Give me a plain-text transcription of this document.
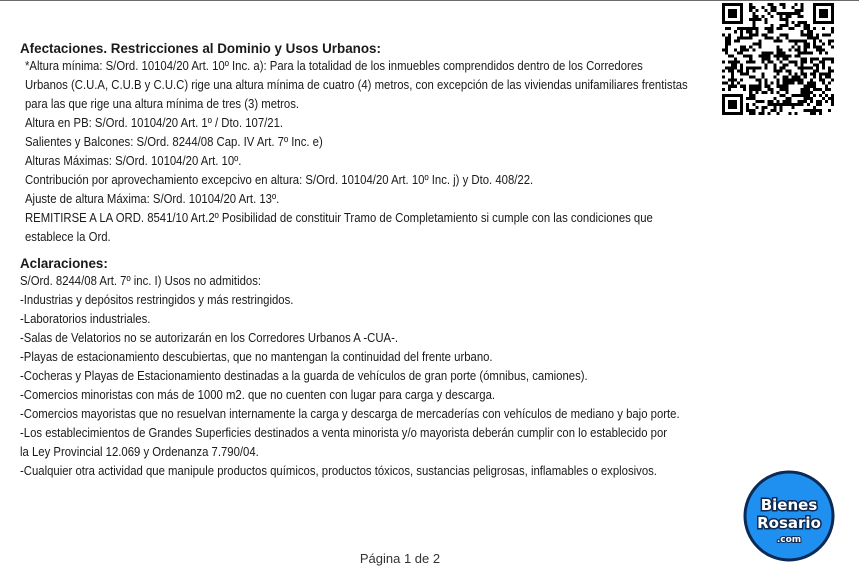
Afectaciones. Restricciones al Dominio y Usos Urbanos:
*Altura mínima: S/Ord. 10104/20 Art. 10º Inc. a): Para la totalidad de los inmuebles comprendidos dentro de los Corredores
Urbanos (C.U.A, C.U.B y C.U.C) rige una altura mínima de cuatro (4) metros, con excepción de las viviendas unifamiliares frentistas
para las que rige una altura mínima de tres (3) metros.
Altura en PB: S/Ord. 10104/20 Art. 1º / Dto. 107/21.
Salientes y Balcones: S/Ord. 8244/08 Cap. IV Art. 7º Inc. e)
Alturas Máximas: S/Ord. 10104/20 Art. 10º.
Contribución por aprovechamiento excepcivo en altura: S/Ord. 10104/20 Art. 10º Inc. j) y Dto. 408/22.
Ajuste de altura Máxima: S/Ord. 10104/20 Art. 13º.
REMITIRSE A LA ORD. 8541/10 Art.2º Posibilidad de constituir Tramo de Completamiento si cumple con las condiciones que
establece la Ord.
Aclaraciones:
S/Ord. 8244/08 Art. 7º inc. I) Usos no admitidos:
-Industrias y depósitos restringidos y más restringidos.
-Laboratorios industriales.
-Salas de Velatorios no se autorizarán en los Corredores Urbanos A -CUA-.
-Playas de estacionamiento descubiertas, que no mantengan la continuidad del frente urbano.
-Cocheras y Playas de Estacionamiento destinadas a la guarda de vehículos de gran porte (ómnibus, camiones).
-Comercios minoristas con más de 1000 m2. que no cuenten con lugar para carga y descarga.
-Comercios mayoristas que no resuelvan internamente la carga y descarga de mercaderías con vehículos de mediano y bajo porte.
-Los establecimientos de Grandes Superficies destinados a venta minorista y/o mayorista deberán cumplir con lo establecido por
la Ley Provincial 12.069 y Ordenanza 7.790/04.
-Cualquier otra actividad que manipule productos químicos, productos tóxicos, sustancias peligrosas, inflamables o explosivos.
Página 1 de 2
Bienes
Rosario
.com
